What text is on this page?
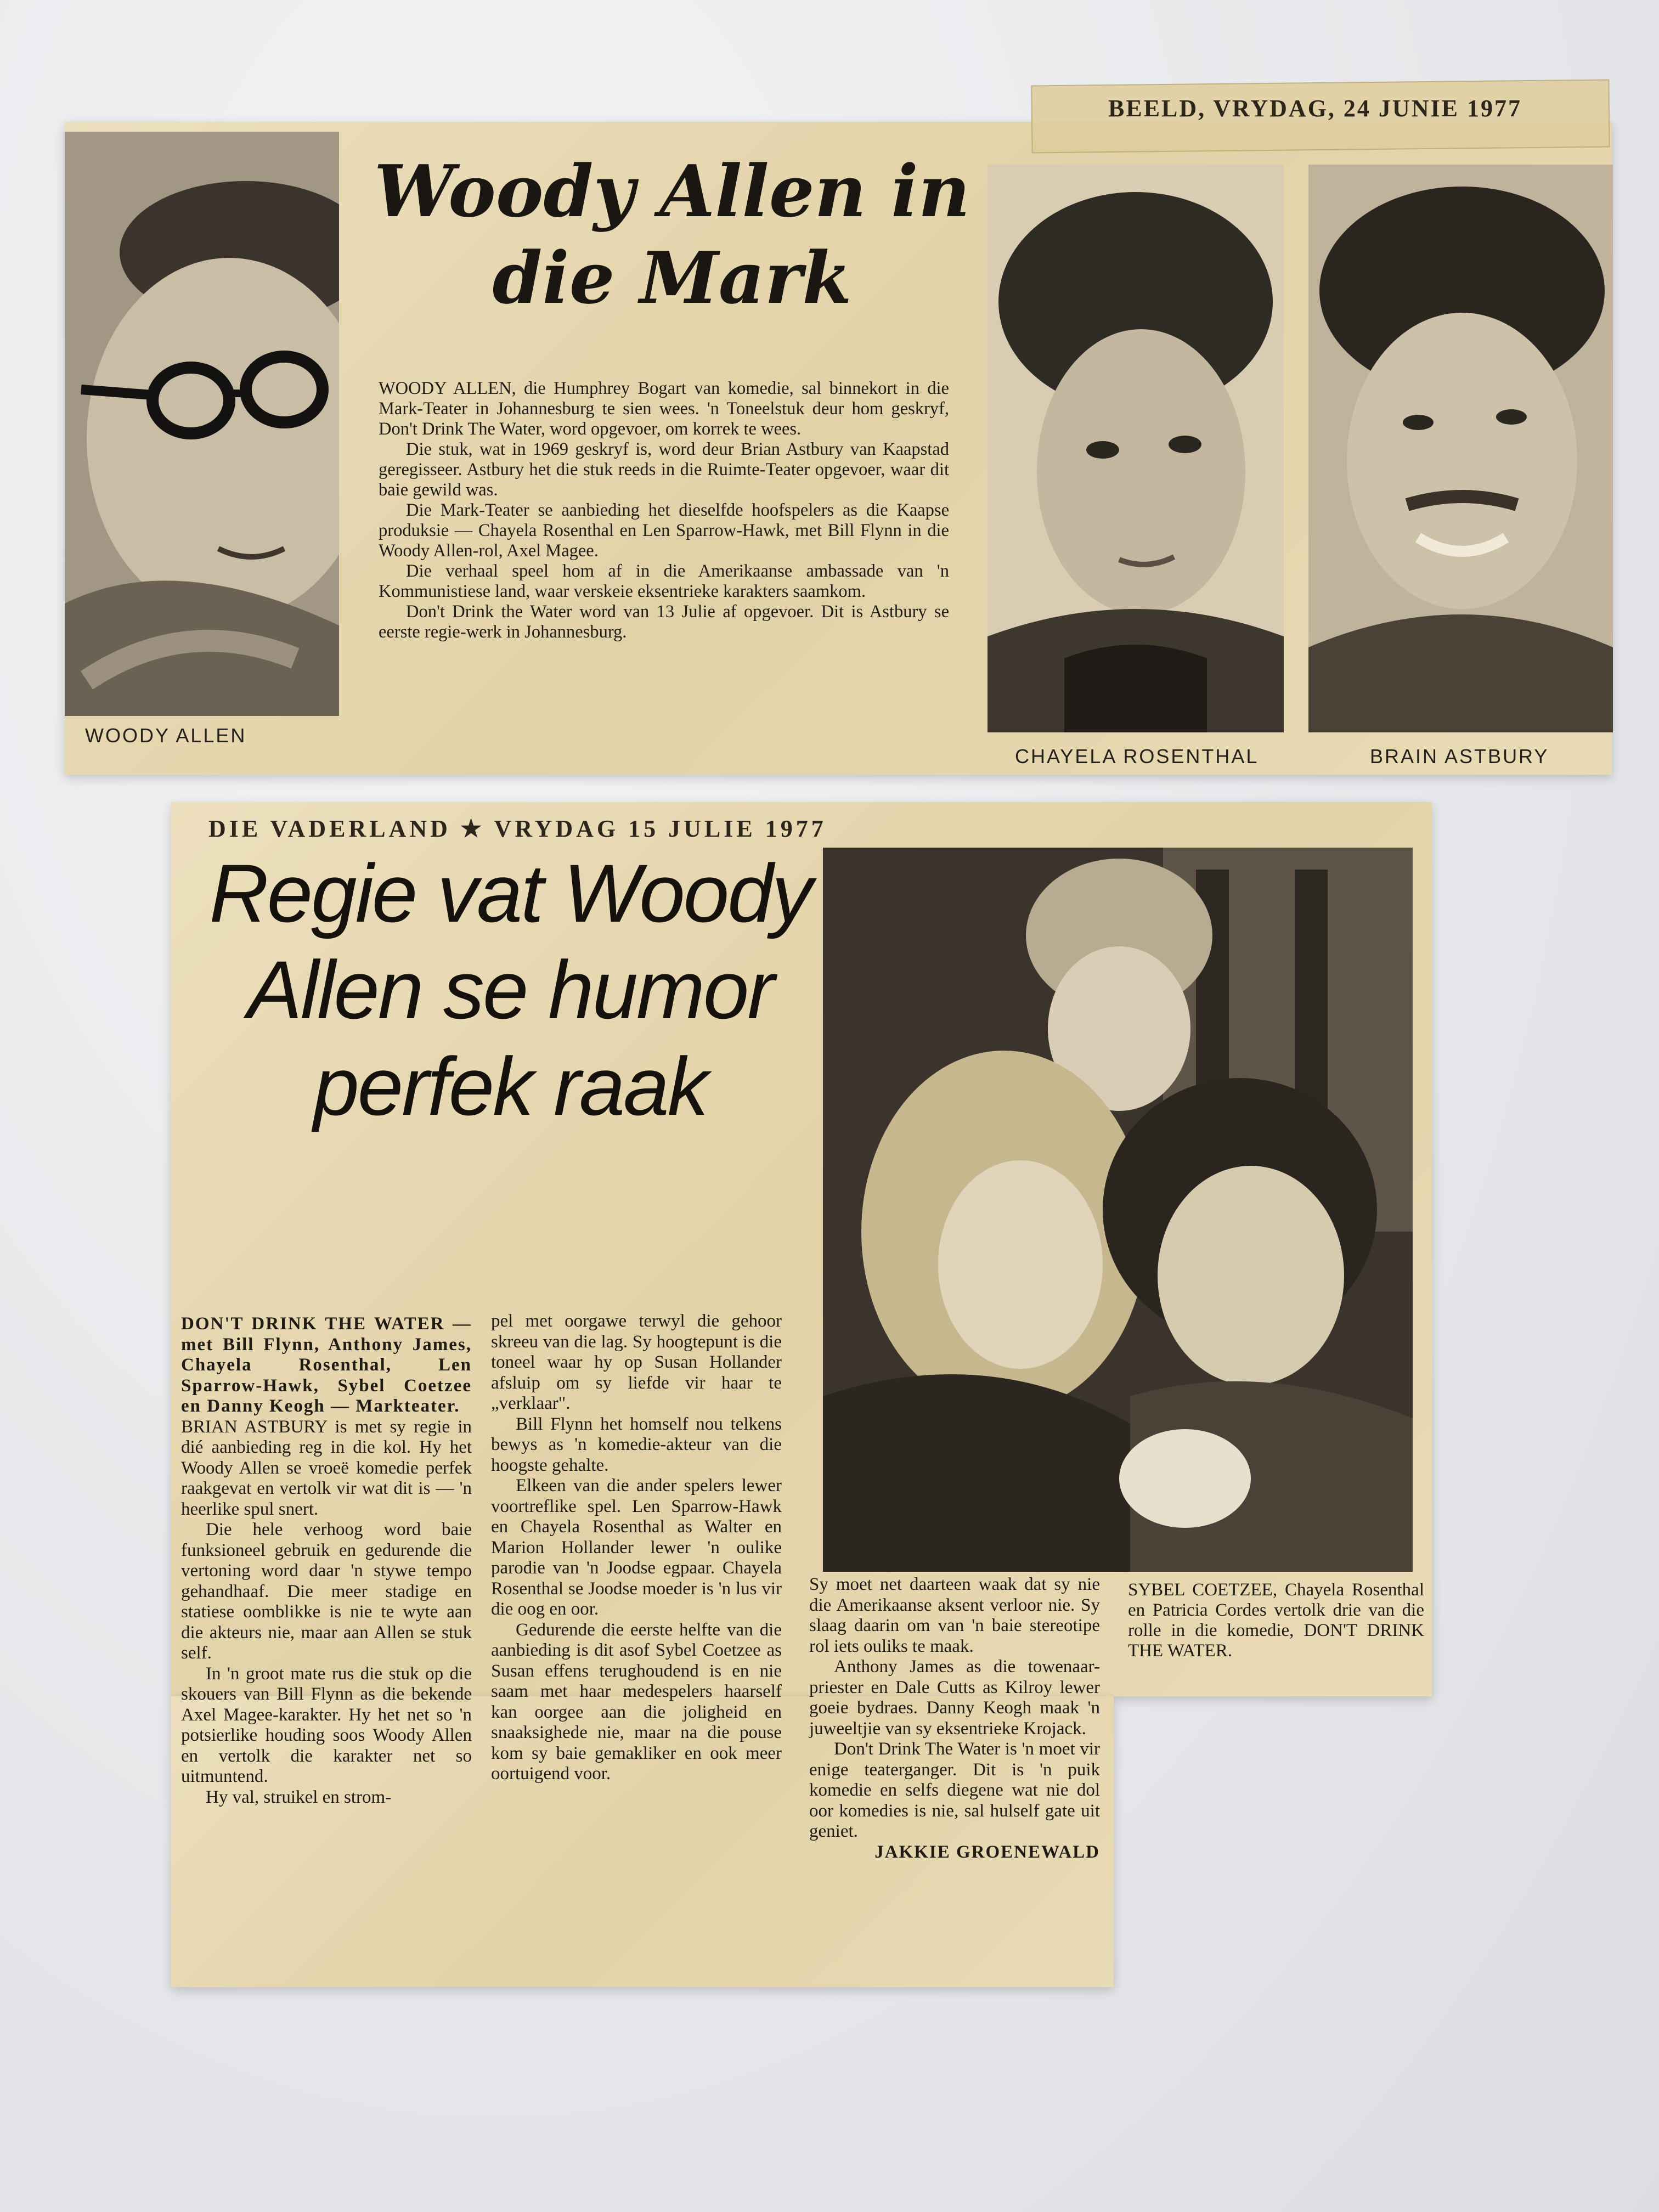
BEELD, VRYDAG, 24 JUNIE 1977
WOODY ALLEN
Woody Allen in die Mark

WOODY ALLEN, die Humphrey Bogart van komedie, sal binnekort in die Mark-Teater in Johannesburg te sien wees. 'n Toneelstuk deur hom geskryf, Don't Drink The Water, word opgevoer, om korrek te wees.

Die stuk, wat in 1969 geskryf is, word deur Brian Astbury van Kaapstad geregisseer. Astbury het die stuk reeds in die Ruimte-Teater opgevoer, waar dit baie gewild was.

Die Mark-Teater se aanbieding het dieselfde hoofspelers as die Kaapse produksie — Chayela Rosenthal en Len Sparrow-Hawk, met Bill Flynn in die Woody Allen-rol, Axel Magee.

Die verhaal speel hom af in die Amerikaanse ambassade van 'n Kommunistiese land, waar verskeie eksentrieke karakters saamkom.

Don't Drink the Water word van 13 Julie af opgevoer. Dit is Astbury se eerste regie-werk in Johannesburg.

CHAYELA ROSENTHAL	BRAIN ASTBURY
DIE VADERLAND ★ VRYDAG 15 JULIE 1977
Regie vat Woody Allen se humor perfek raak
SYBEL COETZEE, Chayela Rosenthal en Patricia Cordes vertolk drie van die rolle in die komedie, DON'T DRINK THE WATER.

DON'T DRINK THE WATER — met Bill Flynn, Anthony James, Chayela Rosenthal, Len Sparrow-Hawk, Sybel Coetzee en Danny Keogh — Markteater.

BRIAN ASTBURY is met sy regie in dié aanbieding reg in die kol. Hy het Woody Allen se vroeë komedie perfek raakgevat en vertolk vir wat dit is — 'n heerlike spul snert.

Die hele verhoog word baie funksioneel gebruik en gedurende die vertoning word daar 'n stywe tempo gehandhaaf. Die meer stadige en statiese oomblikke is nie te wyte aan die akteurs nie, maar aan Allen se stuk self.

In 'n groot mate rus die stuk op die skouers van Bill Flynn as die bekende Axel Magee-karakter. Hy het net so 'n potsierlike houding soos Woody Allen en vertolk die karakter net so uitmuntend.

Hy val, struikel en strom-

pel met oorgawe terwyl die gehoor skreeu van die lag. Sy hoogtepunt is die toneel waar hy op Susan Hollander afsluip om sy liefde vir haar te „verklaar".

Bill Flynn het homself nou telkens bewys as 'n komedie-akteur van die hoogste gehalte.

Elkeen van die ander spelers lewer voortreflike spel. Len Sparrow-Hawk en Chayela Rosenthal as Walter en Marion Hollander lewer 'n oulike parodie van 'n Joodse egpaar. Chayela Rosenthal se Joodse moeder is 'n lus vir die oog en oor.

Gedurende die eerste helfte van die aanbieding is dit asof Sybel Coetzee as Susan effens terughoudend is en nie saam met haar medespelers haarself kan oorgee aan die joligheid en snaaksighede nie, maar na die pouse kom sy baie gemakliker en ook meer oortuigend voor.

Sy moet net daarteen waak dat sy nie die Amerikaanse aksent verloor nie. Sy slaag daarin om van 'n baie stereotipe rol iets ouliks te maak.

Anthony James as die towenaar-priester en Dale Cutts as Kilroy lewer goeie bydraes. Danny Keogh maak 'n juweeltjie van sy eksentrieke Krojack.

Don't Drink The Water is 'n moet vir enige teaterganger. Dit is 'n puik komedie en selfs diegene wat nie dol oor komedies is nie, sal hulself gate uit geniet.

JAKKIE GROENEWALD
